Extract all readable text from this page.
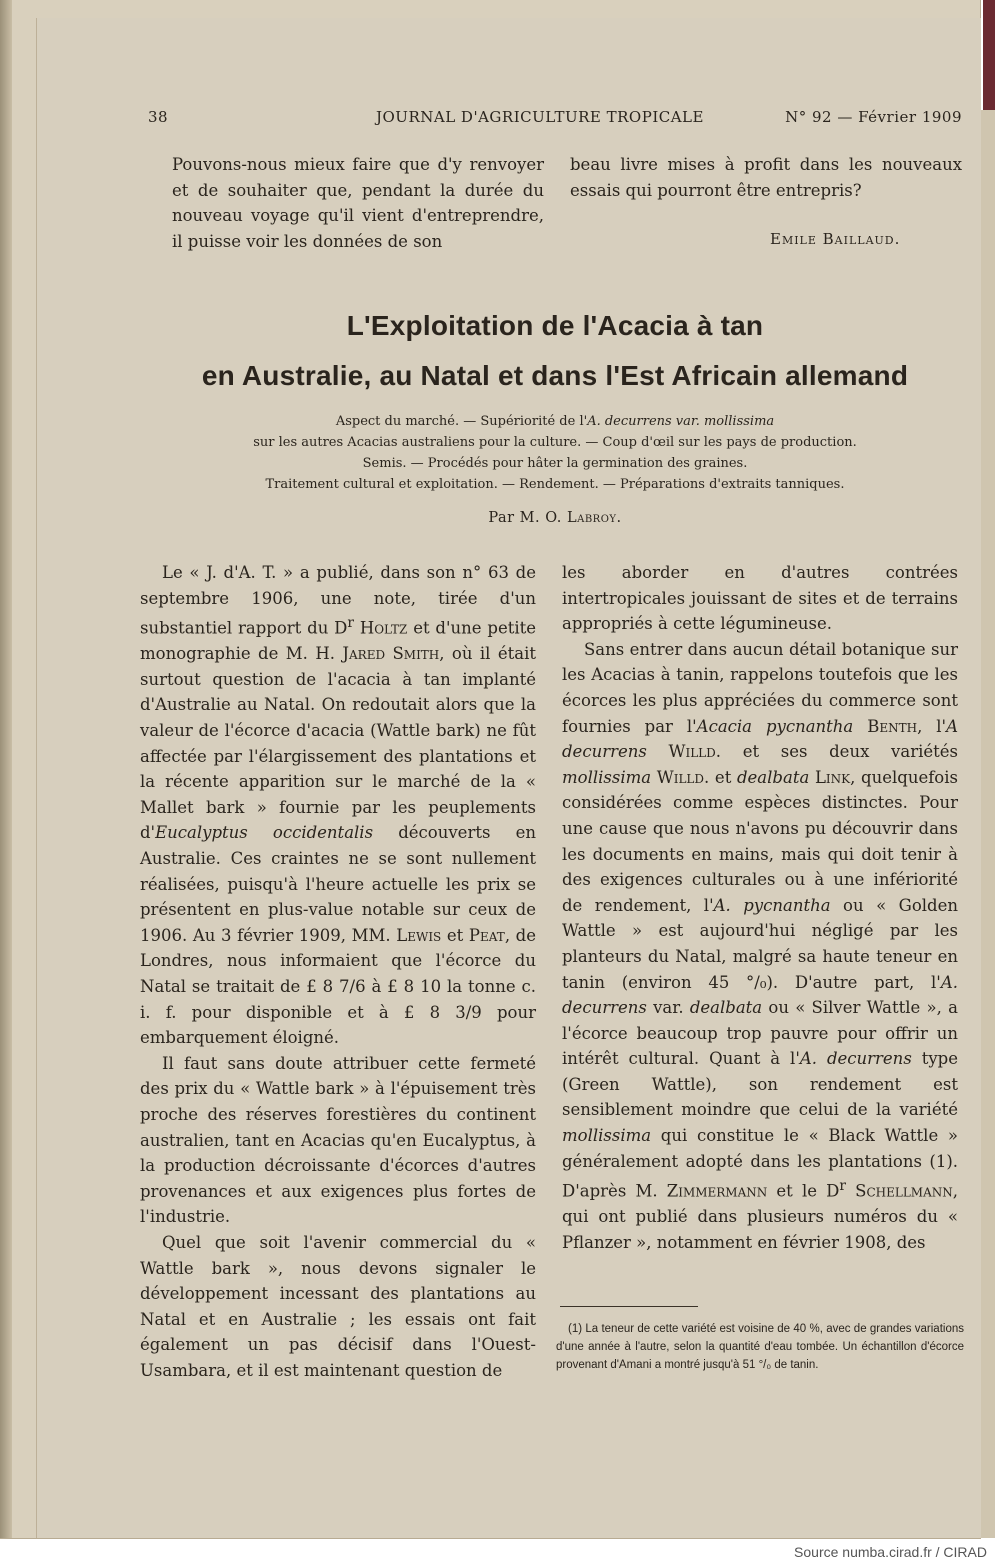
38	JOURNAL D'AGRICULTURE TROPICALE	N° 92 — Février 1909

Pouvons-nous mieux faire que d'y renvoyer et de souhaiter que, pendant la durée du nouveau voyage qu'il vient d'entreprendre, il puisse voir les données de son

beau livre mises à profit dans les nouveaux essais qui pourront être entrepris?

Emile Baillaud.
L'Exploitation de l'Acacia à tan
en Australie, au Natal et dans l'Est Africain allemand
Aspect du marché. — Supériorité de l'A. decurrens var. mollissima
sur les autres Acacias australiens pour la culture. — Coup d'œil sur les pays de production.
Semis. — Procédés pour hâter la germination des graines.
Traitement cultural et exploitation. — Rendement. — Préparations d'extraits tanniques.
Par M. O. Labroy.

Le « J. d'A. T. » a publié, dans son n° 63 de septembre 1906, une note, tirée d'un substantiel rapport du $D^r$ Holtz et d'une petite monographie de M. H. Jared Smith, où il était surtout question de l'acacia à tan implanté d'Australie au Natal. On redoutait alors que la valeur de l'écorce d'acacia (Wattle bark) ne fût affectée par l'élargissement des plantations et la récente apparition sur le marché de la « Mallet bark » fournie par les peuplements d'Eucalyptus occidentalis découverts en Australie. Ces craintes ne se sont nullement réalisées, puisqu'à l'heure actuelle les prix se présentent en plus-value notable sur ceux de 1906. Au 3 février 1909, MM. Lewis et Peat, de Londres, nous informaient que l'écorce du Natal se traitait de £ 8 7/6 à £ 8 10 la tonne c. i. f. pour disponible et à £ 8 3/9 pour embarquement éloigné.

Il faut sans doute attribuer cette fermeté des prix du « Wattle bark » à l'épuisement très proche des réserves forestières du continent australien, tant en Acacias qu'en Eucalyptus, à la production décroissante d'écorces d'autres provenances et aux exigences plus fortes de l'industrie.

Quel que soit l'avenir commercial du « Wattle bark », nous devons signaler le développement incessant des plantations au Natal et en Australie ; les essais ont fait également un pas décisif dans l'Ouest-Usambara, et il est maintenant question de

les aborder en d'autres contrées intertropicales jouissant de sites et de terrains appropriés à cette légumineuse.

Sans entrer dans aucun détail botanique sur les Acacias à tanin, rappelons toutefois que les écorces les plus appréciées du commerce sont fournies par l'Acacia pycnantha Benth, l'A decurrens Willd. et ses deux variétés mollissima Willd. et dealbata Link, quelquefois considérées comme espèces distinctes. Pour une cause que nous n'avons pu découvrir dans les documents en mains, mais qui doit tenir à des exigences culturales ou à une infériorité de rendement, l'A. pycnantha ou « Golden Wattle » est aujourd'hui négligé par les planteurs du Natal, malgré sa haute teneur en tanin (environ 45 °/₀). D'autre part, l'A. decurrens var. dealbata ou « Silver Wattle », a l'écorce beaucoup trop pauvre pour offrir un intérêt cultural. Quant à l'A. decurrens type (Green Wattle), son rendement est sensiblement moindre que celui de la variété mollissima qui constitue le « Black Wattle » généralement adopté dans les plantations (1). D'après M. Zimmermann et le $D^r$ Schellmann, qui ont publié dans plusieurs numéros du « Pflanzer », notamment en février 1908, des

(1) La teneur de cette variété est voisine de 40 %, avec de grandes variations d'une année à l'autre, selon la quantité d'eau tombée. Un échantillon d'écorce provenant d'Amani a montré jusqu'à 51 °/₀ de tanin.

Source numba.cirad.fr / CIRAD
